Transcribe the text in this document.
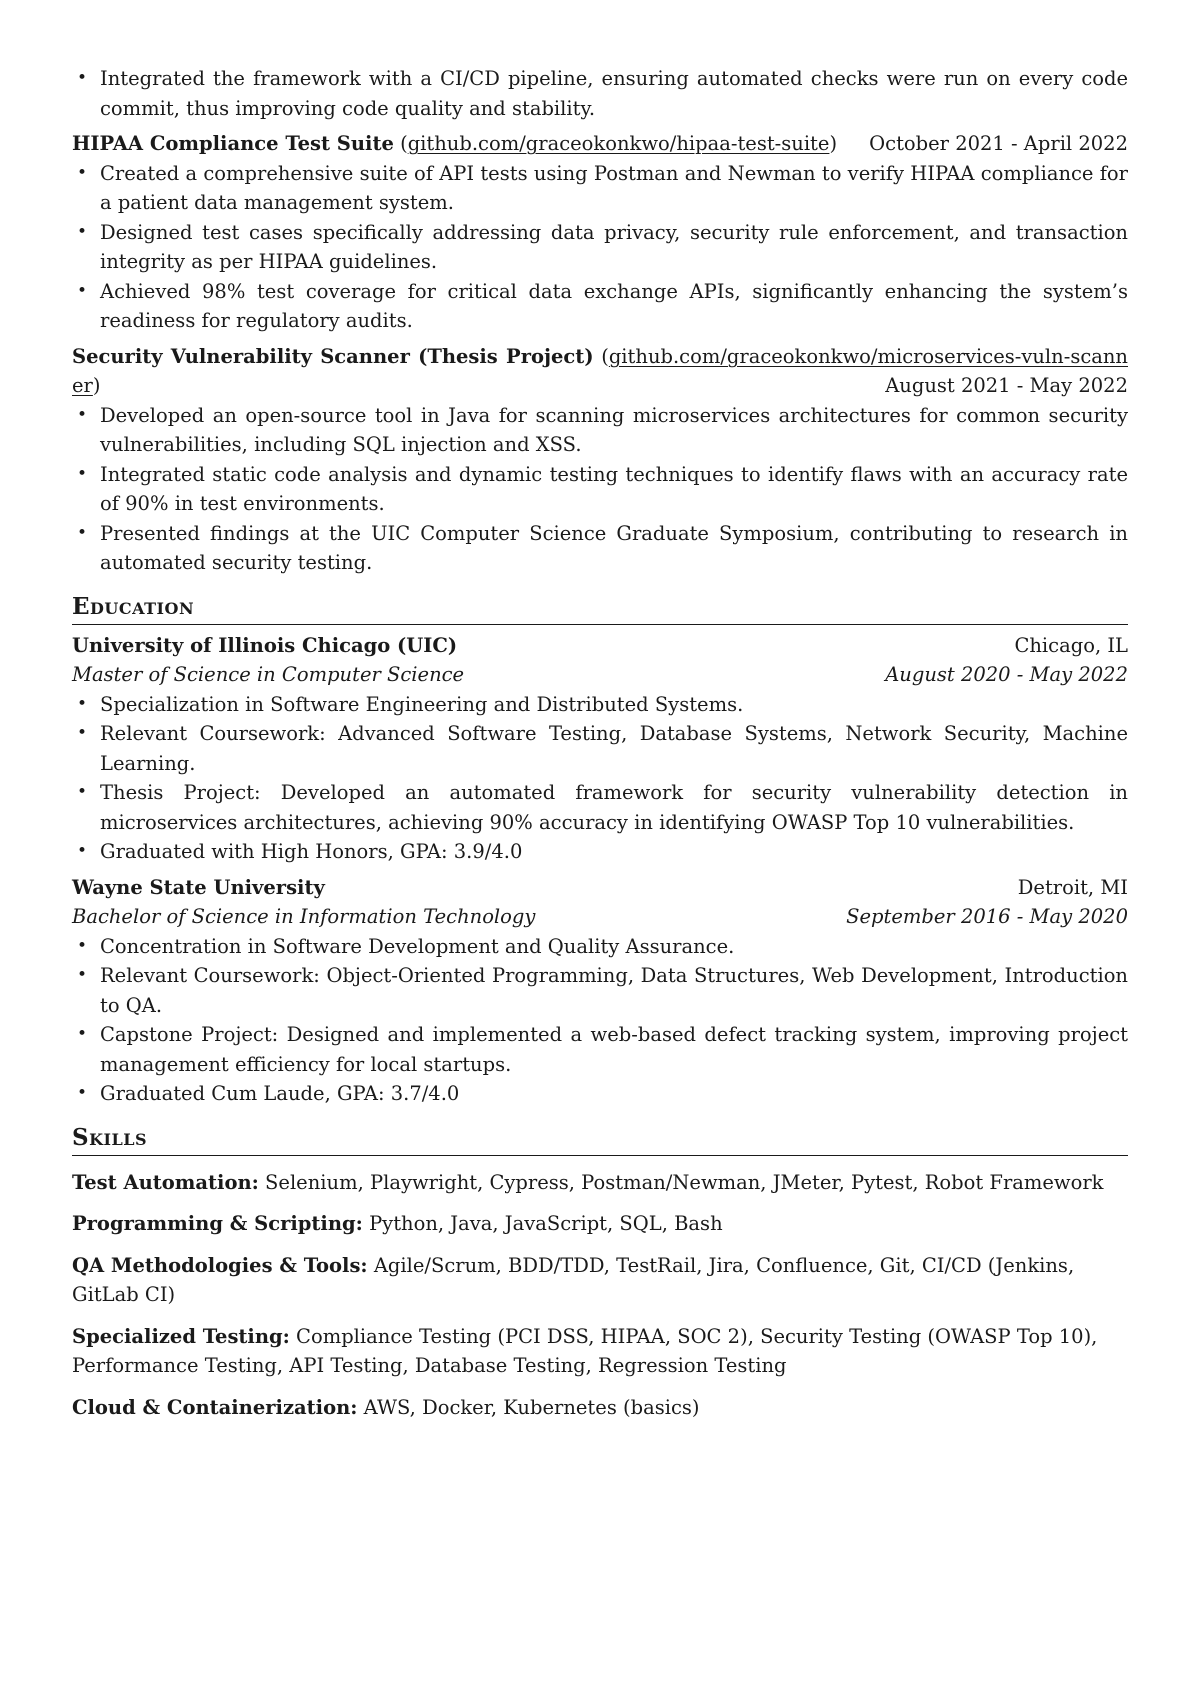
• Integrated the framework with a CI/CD pipeline, ensuring automated checks were run on every code commit, thus improving code quality and stability.
HIPAA Compliance Test Suite (github.com/graceokonkwo/hipaa-test-suite) October 2021 - April 2022
• Created a comprehensive suite of API tests using Postman and Newman to verify HIPAA compliance for a patient data management system.
• Designed test cases specifically addressing data privacy, security rule enforcement, and transaction integrity as per HIPAA guidelines.
• Achieved 98% test coverage for critical data exchange APIs, significantly enhancing the system’s readiness for regulatory audits.
Security Vulnerability Scanner (Thesis Project) (github.com/graceokonkwo/microservices-vuln-scanner)	August 2021 - May 2022
• Developed an open-source tool in Java for scanning microservices architectures for common security vulnerabilities, including SQL injection and XSS.
• Integrated static code analysis and dynamic testing techniques to identify flaws with an accuracy rate of 90% in test environments.
• Presented findings at the UIC Computer Science Graduate Symposium, contributing to research in automated security testing.
Education
University of Illinois Chicago (UIC)	Chicago, IL
Master of Science in Computer Science	August 2020 - May 2022
• Specialization in Software Engineering and Distributed Systems.
• Relevant Coursework: Advanced Software Testing, Database Systems, Network Security, Machine Learning.
• Thesis Project: Developed an automated framework for security vulnerability detection in microservices architectures, achieving 90% accuracy in identifying OWASP Top 10 vulnerabilities.
• Graduated with High Honors, GPA: 3.9/4.0
Wayne State University	Detroit, MI
Bachelor of Science in Information Technology	September 2016 - May 2020
• Concentration in Software Development and Quality Assurance.
• Relevant Coursework: Object-Oriented Programming, Data Structures, Web Development, Introduction to QA.
• Capstone Project: Designed and implemented a web-based defect tracking system, improving project management efficiency for local startups.
• Graduated Cum Laude, GPA: 3.7/4.0
Skills
Test Automation: Selenium, Playwright, Cypress, Postman/Newman, JMeter, Pytest, Robot Framework
Programming & Scripting: Python, Java, JavaScript, SQL, Bash
QA Methodologies & Tools: Agile/Scrum, BDD/TDD, TestRail, Jira, Confluence, Git, CI/CD (Jenkins, GitLab CI)
Specialized Testing: Compliance Testing (PCI DSS, HIPAA, SOC 2), Security Testing (OWASP Top 10), Performance Testing, API Testing, Database Testing, Regression Testing
Cloud & Containerization: AWS, Docker, Kubernetes (basics)
